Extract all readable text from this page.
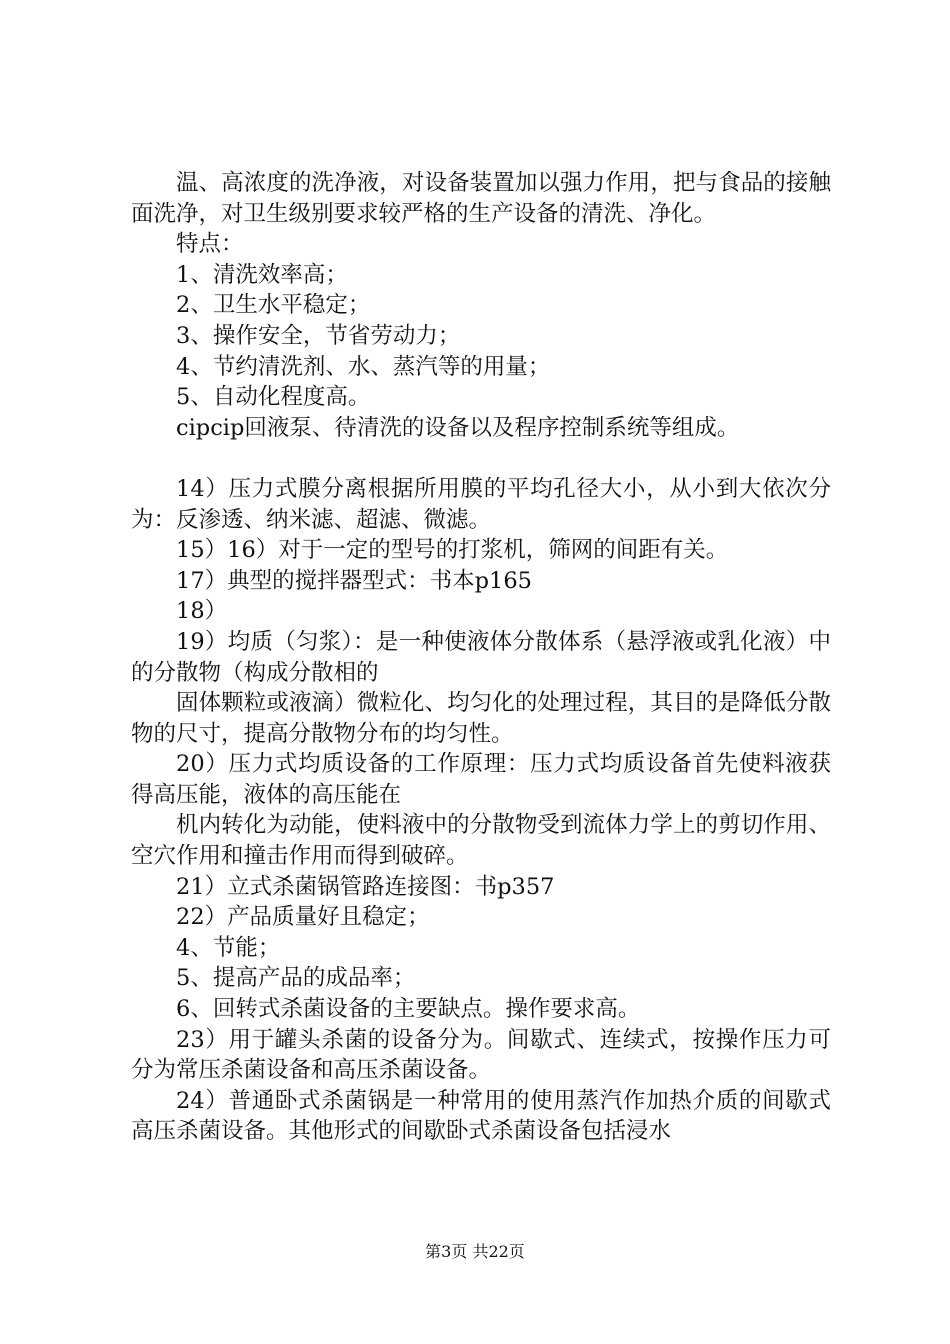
温、高浓度的洗净液，对设备装置加以强力作用，把与食品的接触面洗净，对卫生级别要求较严格的生产设备的清洗、净化。

特点：

1、清洗效率高；

2、卫生水平稳定；

3、操作安全，节省劳动力；

4、节约清洗剂、水、蒸汽等的用量；

5、自动化程度高。

cipcip回液泵、待清洗的设备以及程序控制系统等组成。

14）压力式膜分离根据所用膜的平均孔径大小，从小到大依次分为：反渗透、纳米滤、超滤、微滤。

15）16）对于一定的型号的打浆机，筛网的间距有关。

17）典型的搅拌器型式：书本p165

18）

19）均质（匀浆）：是一种使液体分散体系（悬浮液或乳化液）中的分散物（构成分散相的

固体颗粒或液滴）微粒化、均匀化的处理过程，其目的是降低分散物的尺寸，提高分散物分布的均匀性。

20）压力式均质设备的工作原理：压力式均质设备首先使料液获得高压能，液体的高压能在

机内转化为动能，使料液中的分散物受到流体力学上的剪切作用、空穴作用和撞击作用而得到破碎。

21）立式杀菌锅管路连接图：书p357

22）产品质量好且稳定；

4、节能；

5、提高产品的成品率；

6、回转式杀菌设备的主要缺点。操作要求高。

23）用于罐头杀菌的设备分为。间歇式、连续式，按操作压力可分为常压杀菌设备和高压杀菌设备。

24）普通卧式杀菌锅是一种常用的使用蒸汽作加热介质的间歇式高压杀菌设备。其他形式的间歇卧式杀菌设备包括浸水

第3页 共22页
